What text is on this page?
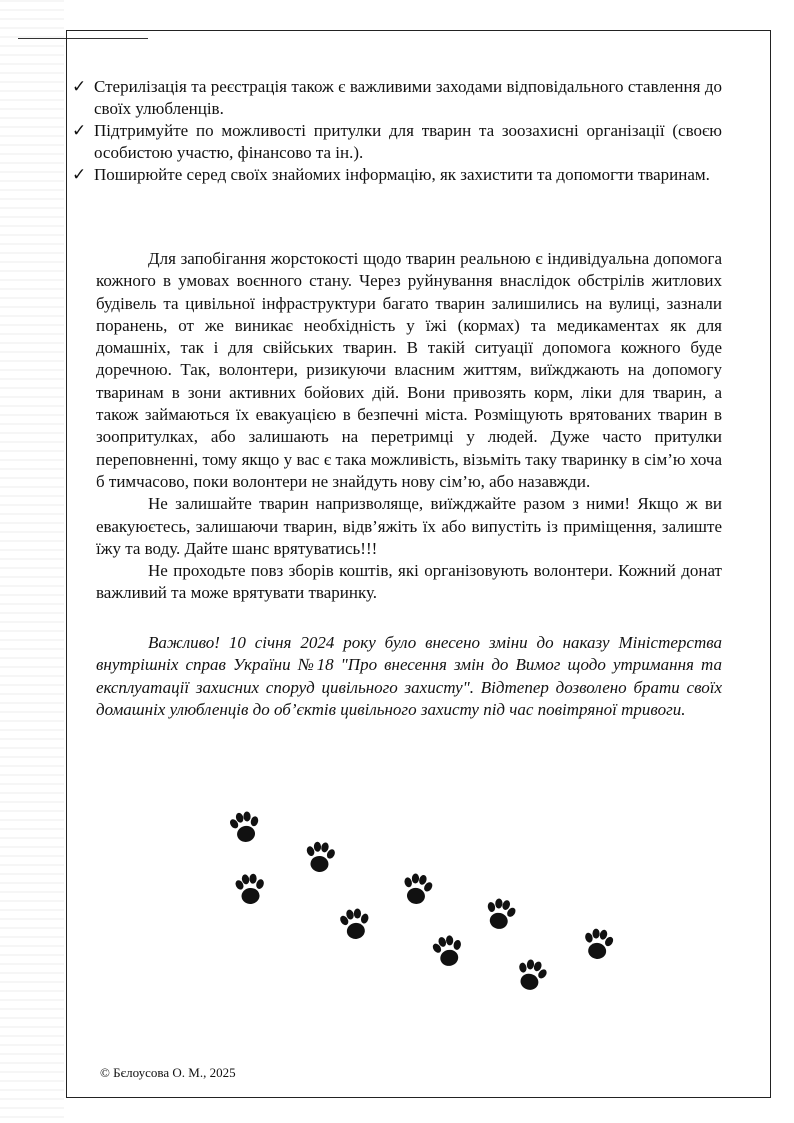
✓ Стерилізація та реєстрація також є важливими заходами відповідального ставлення до своїх улюбленців.
✓ Підтримуйте по можливості притулки для тварин та зоозахисні організації (своєю особистою участю, фінансово та ін.).
✓ Поширюйте серед своїх знайомих інформацію, як захистити та допомогти тваринам.

Для запобігання жорстокості щодо тварин реальною є індивідуальна допомога кожного в умовах воєнного стану. Через руйнування внаслідок обстрілів житлових будівель та цивільної інфраструктури багато тварин залишились на вулиці, зазнали поранень, от же виникає необхідність у їжі (кормах) та медикаментах як для домашніх, так і для свійських тварин. В такій ситуації допомога кожного буде доречною. Так, волонтери, ризикуючи власним життям, виїжджають на допомогу тваринам в зони активних бойових дій. Вони привозять корм, ліки для тварин, а також займаються їх евакуацією в безпечні міста. Розміщують врятованих тварин в зоопритулках, або залишають на перетримці у людей. Дуже часто притулки переповненні, тому якщо у вас є така можливість, візьміть таку тваринку в сім’ю хоча б тимчасово, поки волонтери не знайдуть нову сім’ю, або назавжди.

Не залишайте тварин напризволяще, виїжджайте разом з ними! Якщо ж ви евакуюєтесь, залишаючи тварин, відв’яжіть їх або випустіть із приміщення, залиште їжу та воду. Дайте шанс врятуватись!!!

Не проходьте повз зборів коштів, які організовують волонтери. Кожний донат важливий та може врятувати тваринку.

Важливо! 10 січня 2024 року було внесено зміни до наказу Міністерства внутрішніх справ України №18 "Про внесення змін до Вимог щодо утримання та експлуатації захисних споруд цивільного захисту". Відтепер дозволено брати своїх домашніх улюбленців до об’єктів цивільного захисту під час повітряної тривоги.

© Бєлоусова О. М., 2025
